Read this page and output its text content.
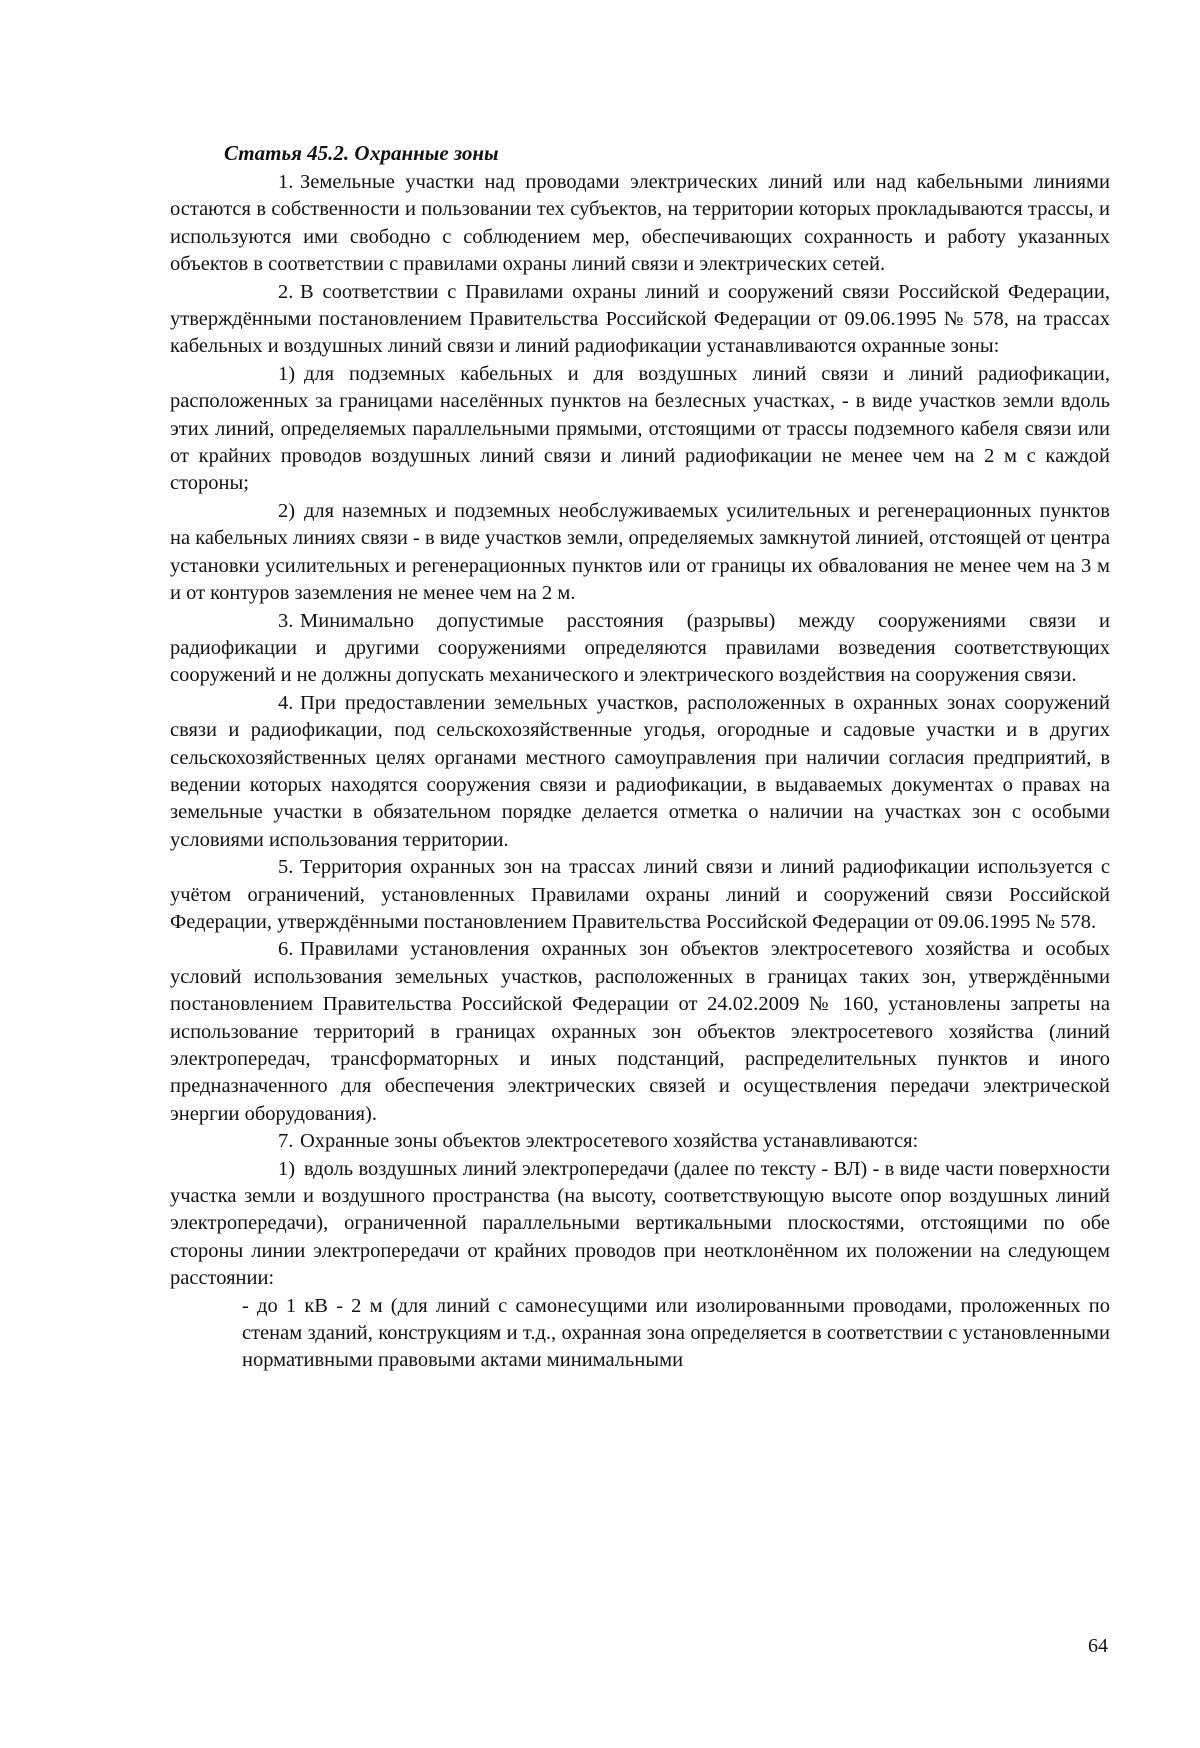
Статья 45.2. Охранные зоны

1. Земельные участки над проводами электрических линий или над кабельными линиями остаются в собственности и пользовании тех субъектов, на территории которых прокладываются трассы, и используются ими свободно с соблюдением мер, обеспечивающих сохранность и работу указанных объектов в соответствии с правилами охраны линий связи и электрических сетей.

2. В соответствии с Правилами охраны линий и сооружений связи Российской Федерации, утверждёнными постановлением Правительства Российской Федерации от 09.06.1995 № 578, на трассах кабельных и воздушных линий связи и линий радиофикации устанавливаются охранные зоны:

1) для подземных кабельных и для воздушных линий связи и линий радиофикации, расположенных за границами населённых пунктов на безлесных участках, - в виде участков земли вдоль этих линий, определяемых параллельными прямыми, отстоящими от трассы подземного кабеля связи или от крайних проводов воздушных линий связи и линий радиофикации не менее чем на 2 м с каждой стороны;

2) для наземных и подземных необслуживаемых усилительных и регенерационных пунктов на кабельных линиях связи - в виде участков земли, определяемых замкнутой линией, отстоящей от центра установки усилительных и регенерационных пунктов или от границы их обвалования не менее чем на 3 м и от контуров заземления не менее чем на 2 м.

3. Минимально допустимые расстояния (разрывы) между сооружениями связи и радиофикации и другими сооружениями определяются правилами возведения соответствующих сооружений и не должны допускать механического и электрического воздействия на сооружения связи.

4. При предоставлении земельных участков, расположенных в охранных зонах сооружений связи и радиофикации, под сельскохозяйственные угодья, огородные и садовые участки и в других сельскохозяйственных целях органами местного самоуправления при наличии согласия предприятий, в ведении которых находятся сооружения связи и радиофикации, в выдаваемых документах о правах на земельные участки в обязательном порядке делается отметка о наличии на участках зон с особыми условиями использования территории.

5. Территория охранных зон на трассах линий связи и линий радиофикации используется с учётом ограничений, установленных Правилами охраны линий и сооружений связи Российской Федерации, утверждёнными постановлением Правительства Российской Федерации от 09.06.1995 № 578.

6. Правилами установления охранных зон объектов электросетевого хозяйства и особых условий использования земельных участков, расположенных в границах таких зон, утверждёнными постановлением Правительства Российской Федерации от 24.02.2009 № 160, установлены запреты на использование территорий в границах охранных зон объектов электросетевого хозяйства (линий электропередач, трансформаторных и иных подстанций, распределительных пунктов и иного предназначенного для обеспечения электрических связей и осуществления передачи электрической энергии оборудования).

7. Охранные зоны объектов электросетевого хозяйства устанавливаются:

1) вдоль воздушных линий электропередачи (далее по тексту - ВЛ) - в виде части поверхности участка земли и воздушного пространства (на высоту, соответствующую высоте опор воздушных линий электропередачи), ограниченной параллельными вертикальными плоскостями, отстоящими по обе стороны линии электропередачи от крайних проводов при неотклонённом их положении на следующем расстоянии:

- до 1 кВ - 2 м (для линий с самонесущими или изолированными проводами, проложенных по стенам зданий, конструкциям и т.д., охранная зона определяется в соответствии с установленными нормативными правовыми актами минимальными

64
